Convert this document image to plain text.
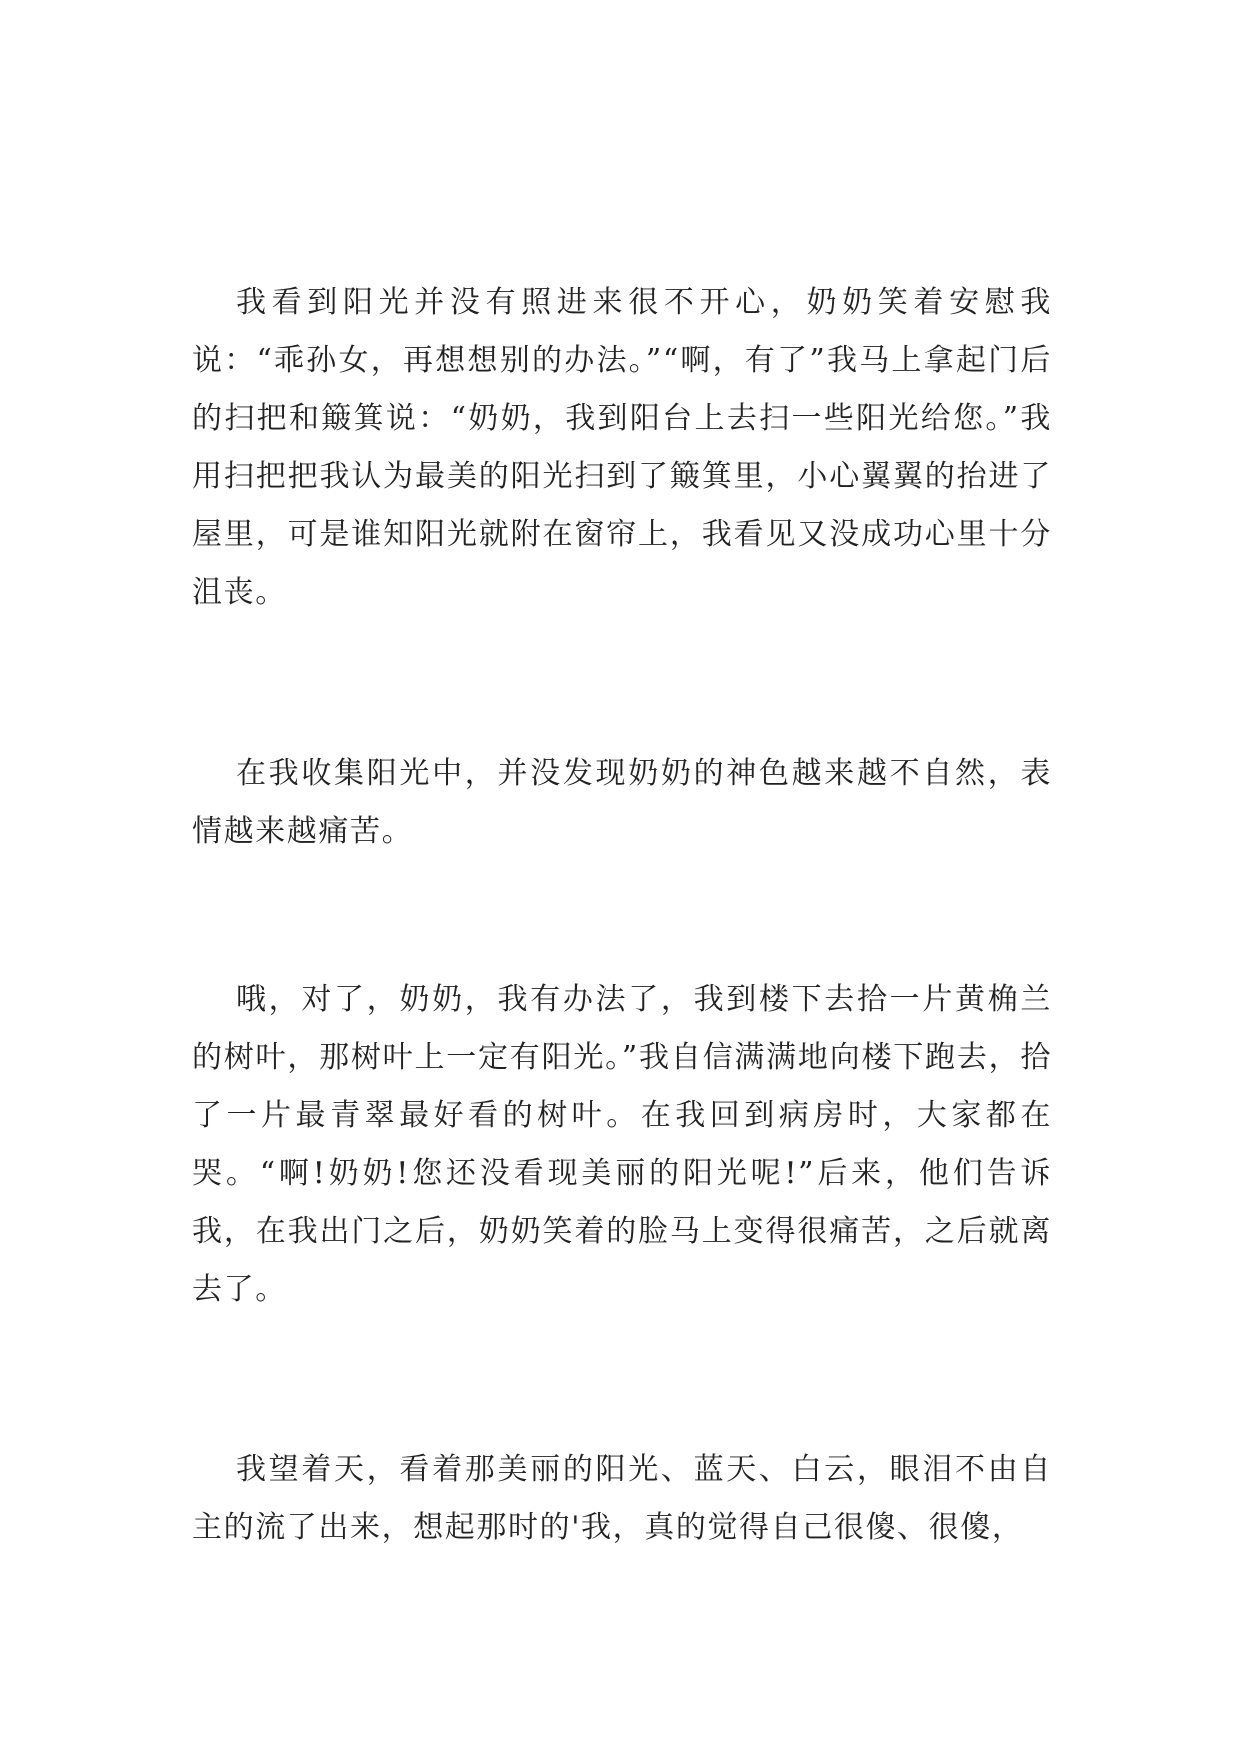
我看到阳光并没有照进来很不开心，奶奶笑着安慰我说：“乖孙女，再想想别的办法。”“啊，有了”我马上拿起门后的扫把和簸箕说：“奶奶，我到阳台上去扫一些阳光给您。”我用扫把把我认为最美的阳光扫到了簸箕里，小心翼翼的抬进了屋里，可是谁知阳光就附在窗帘上，我看见又没成功心里十分沮丧。

在我收集阳光中，并没发现奶奶的神色越来越不自然，表情越来越痛苦。

哦，对了，奶奶，我有办法了，我到楼下去拾一片黄桷兰的树叶，那树叶上一定有阳光。”我自信满满地向楼下跑去，拾了一片最青翠最好看的树叶。在我回到病房时，大家都在哭。“啊!奶奶!您还没看现美丽的阳光呢!”后来，他们告诉我，在我出门之后，奶奶笑着的脸马上变得很痛苦，之后就离去了。

我望着天，看着那美丽的阳光、蓝天、白云，眼泪不由自主的流了出来，想起那时的'我，真的觉得自己很傻、很傻，
